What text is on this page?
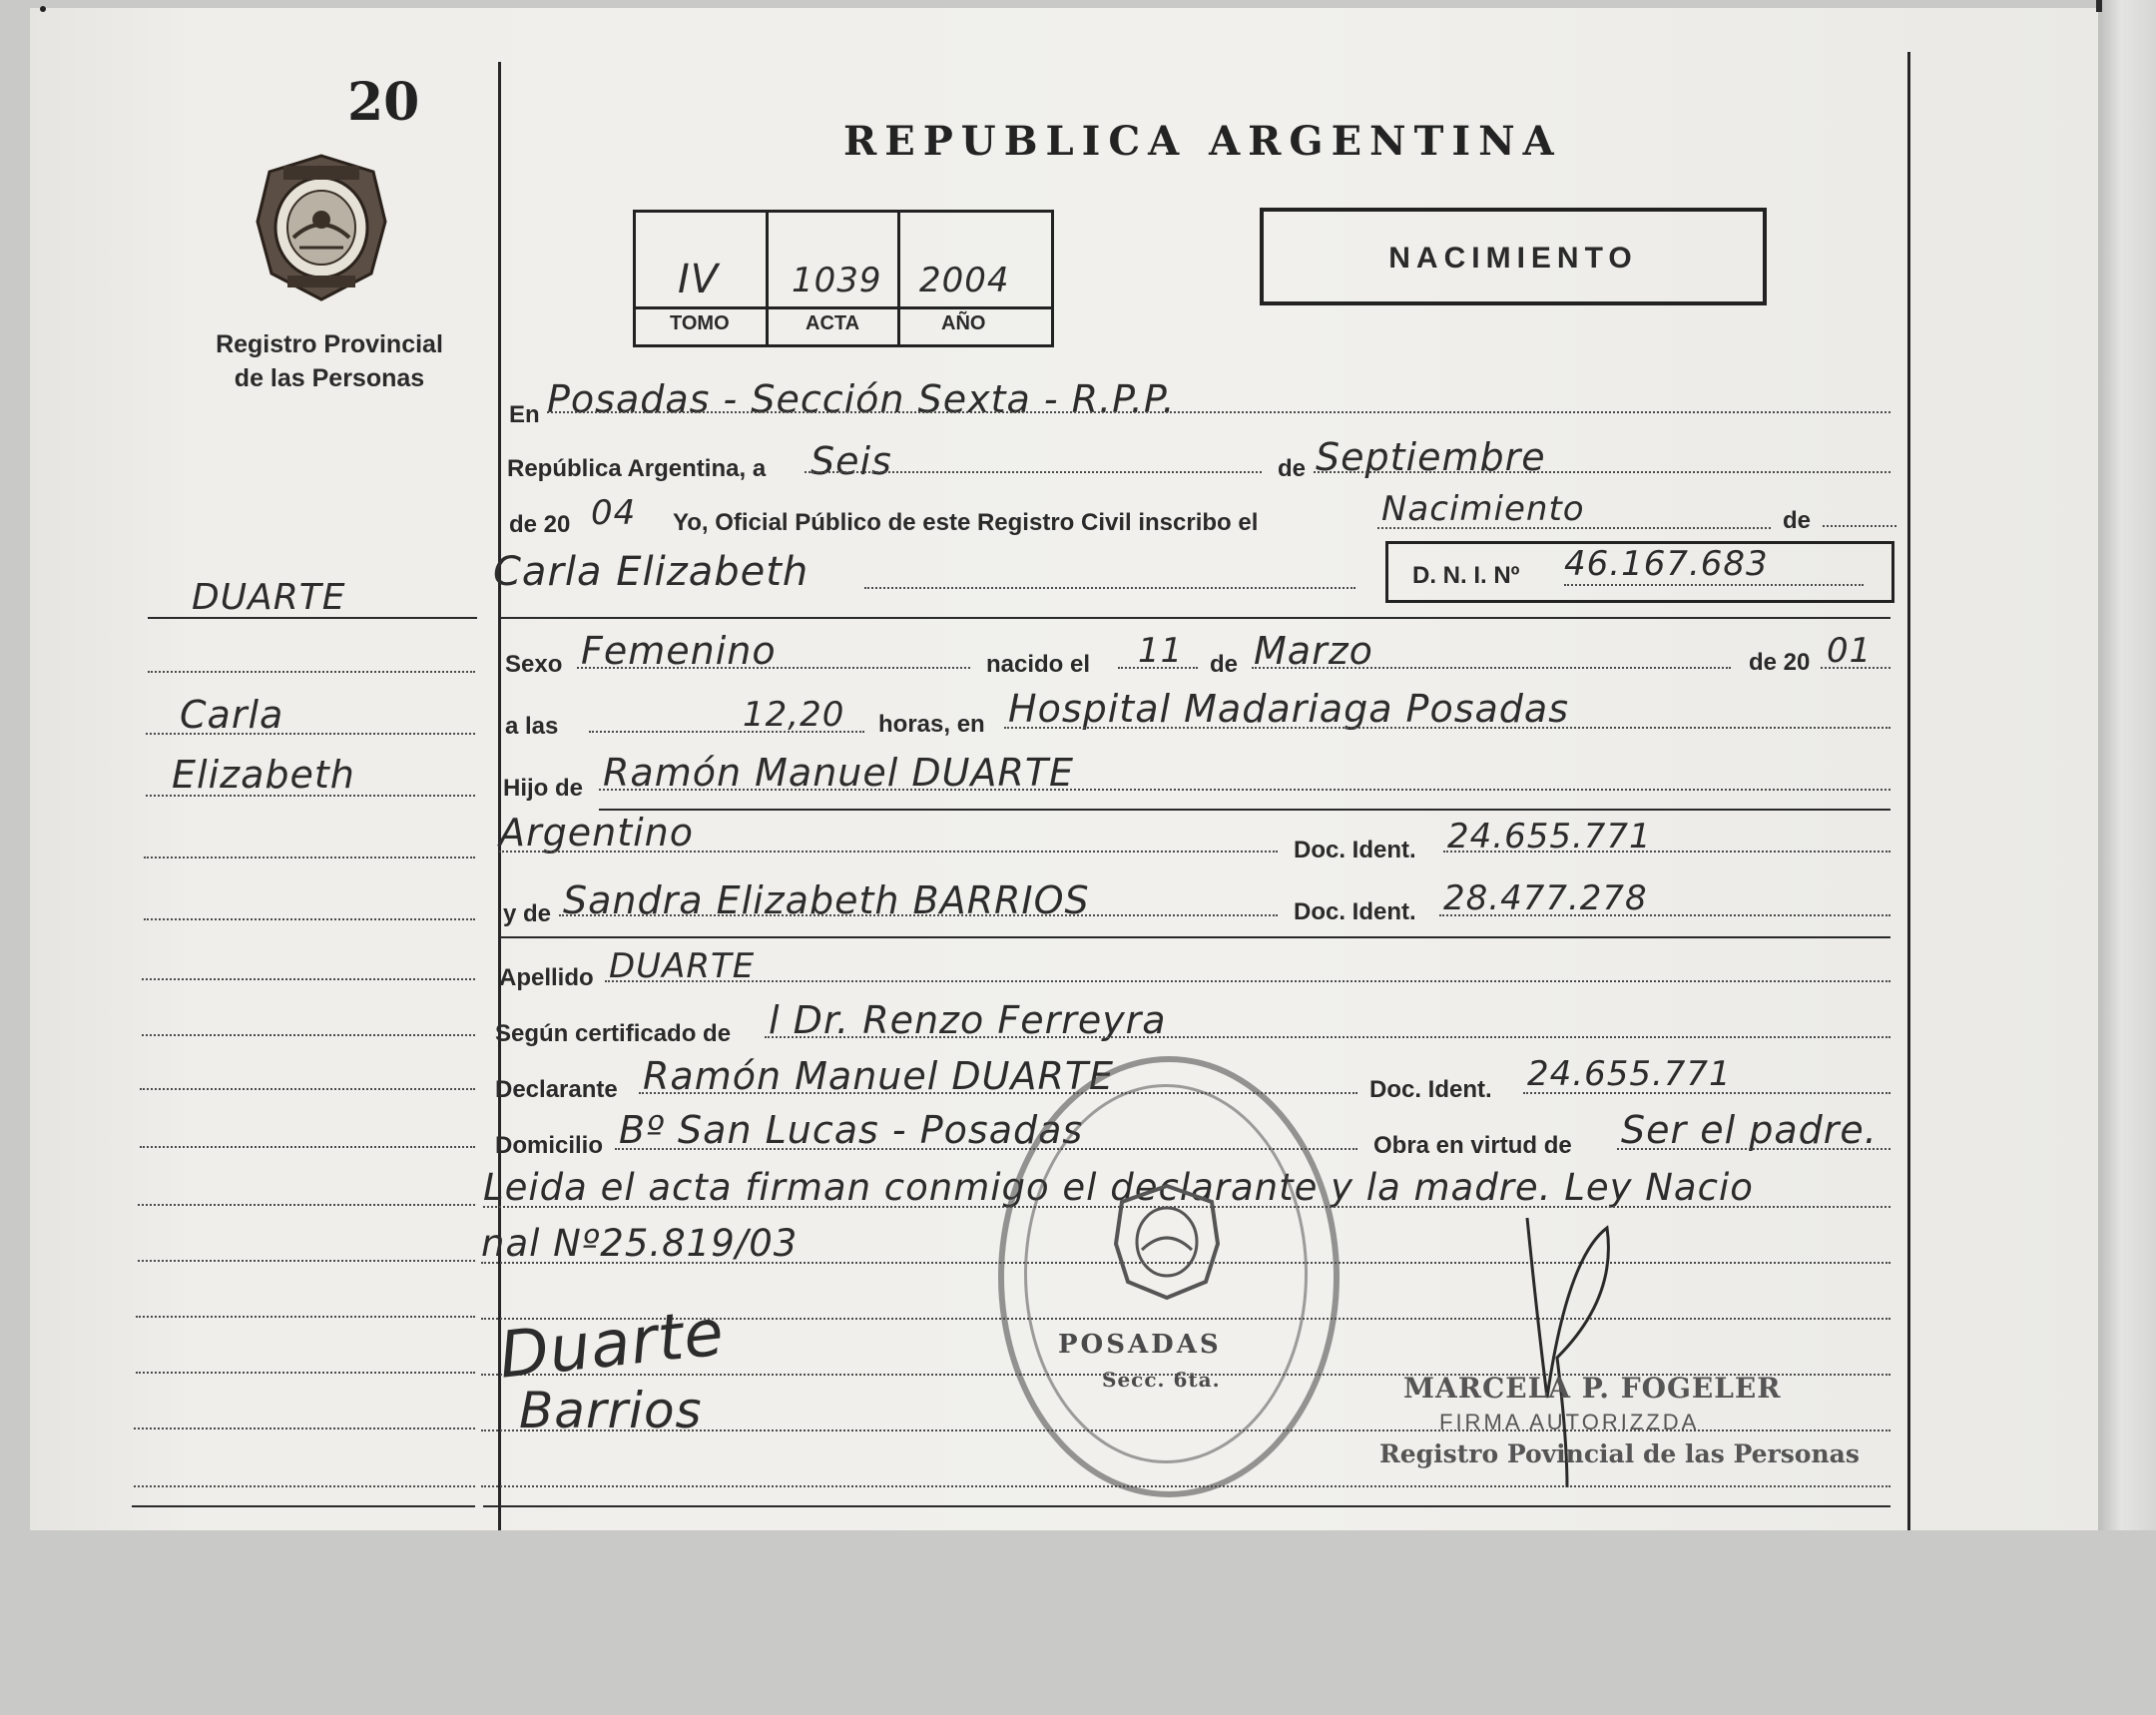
20
Registro Provincial
de las Personas
REPUBLICA ARGENTINA
IV 1039 2004
TOMO	ACTA	AÑO
NACIMIENTO
DUARTE
Carla
Elizabeth
En Posadas - Sección Sexta - R.P.P.
República Argentina, a Seis	de Septiembre
de 20 04 Yo, Oficial Público de este Registro Civil inscribo el	Nacimiento	de
Carla Elizabeth	D. N. I. Nº 46.167.683
Sexo Femenino	nacido el 11 de Marzo	de 20 01
a las	12,20 horas, en Hospital Madariaga Posadas
Hijo de Ramón Manuel DUARTE
Argentino	Doc. Ident. 24.655.771
y de Sandra Elizabeth BARRIOS	Doc. Ident. 28.477.278
Apellido DUARTE
Según certificado de l Dr. Renzo Ferreyra
Declarante Ramón Manuel DUARTE	Doc. Ident. 24.655.771
Domicilio Bº San Lucas - Posadas	Obra en virtud de Ser el padre.
Leida el acta firman conmigo el declarante y la madre. Ley Nacio
nal Nº25.819/03
Duarte
Barrios
POSADAS
Secc. 6ta.	MARCELA P. FOGELER
FIRMA AUTORIZZDA
Registro Povincial de las Personas
